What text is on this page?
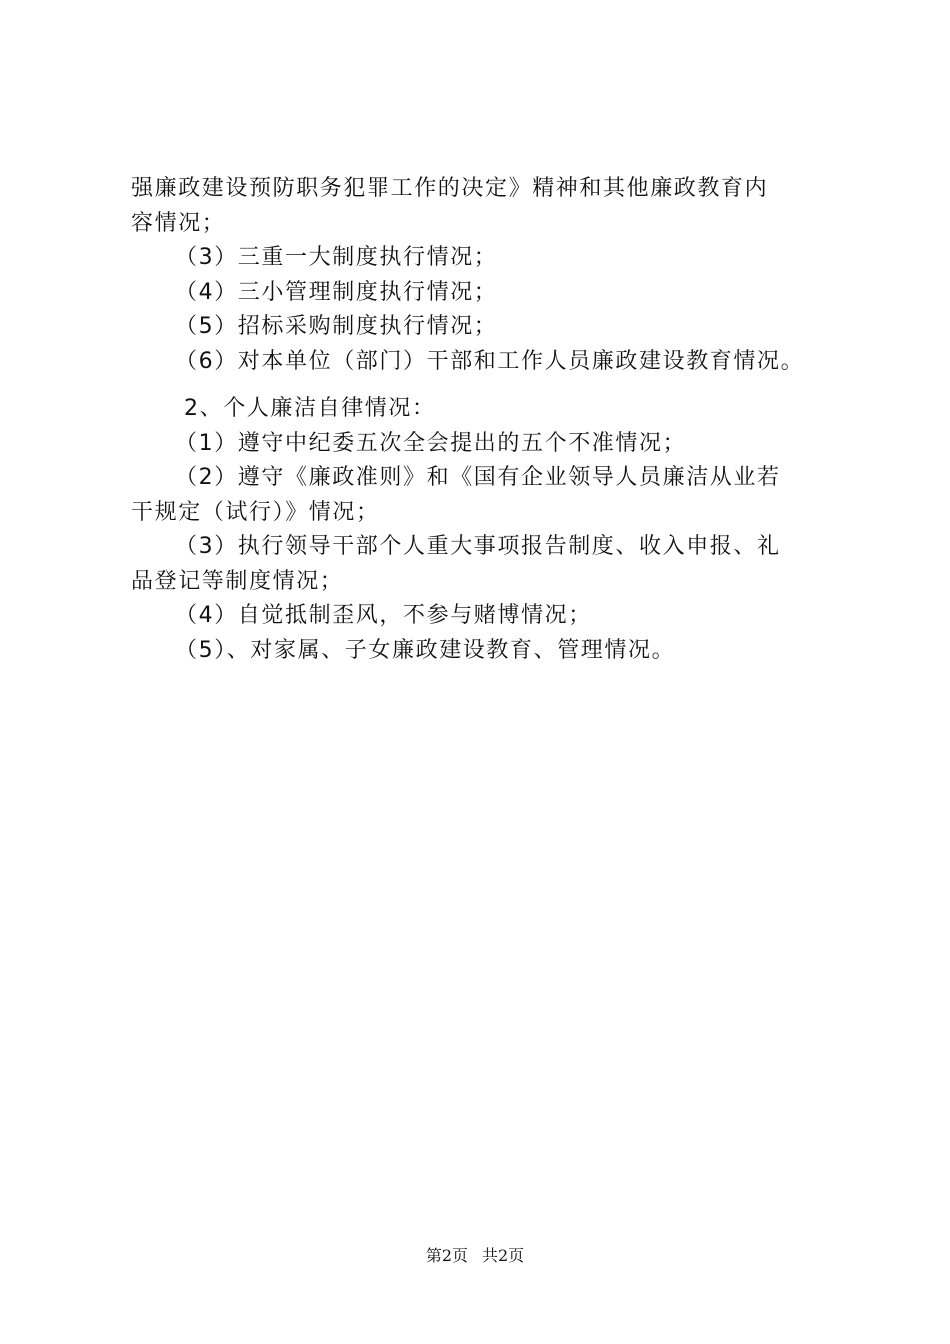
强廉政建设预防职务犯罪工作的决定》精神和其他廉政教育内
容情况；
（3）三重一大制度执行情况；
（4）三小管理制度执行情况；
（5）招标采购制度执行情况；
（6）对本单位（部门）干部和工作人员廉政建设教育情况。
2、个人廉洁自律情况：
（1）遵守中纪委五次全会提出的五个不准情况；
（2）遵守《廉政准则》和《国有企业领导人员廉洁从业若
干规定（试行）》情况；
（3）执行领导干部个人重大事项报告制度、收入申报、礼
品登记等制度情况；
（4）自觉抵制歪风，不参与赌博情况；
（5）、对家属、子女廉政建设教育、管理情况。
第2页 共2页
